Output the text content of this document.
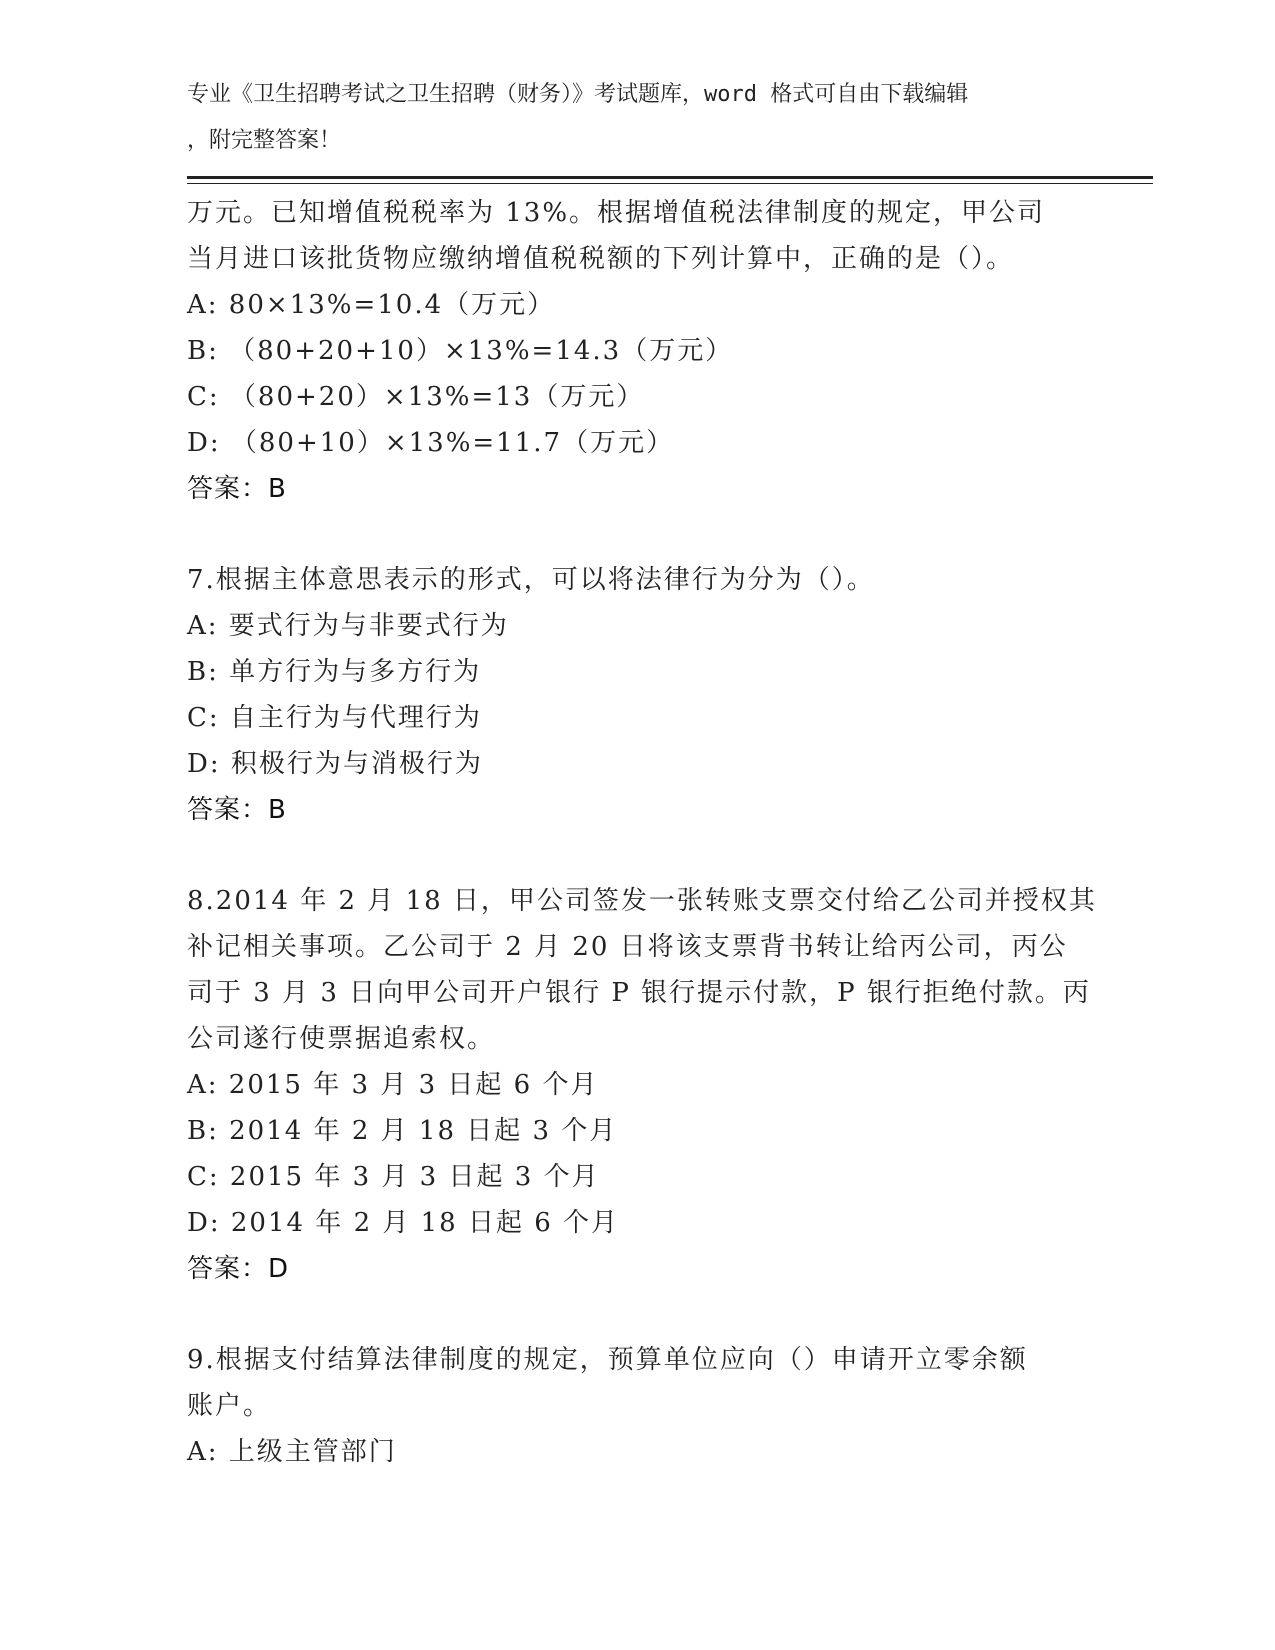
专业《卫生招聘考试之卫生招聘（财务）》考试题库，word 格式可自由下载编辑
，附完整答案！
万元。已知增值税税率为 13%。根据增值税法律制度的规定，甲公司
当月进口该批货物应缴纳增值税税额的下列计算中，正确的是（）。
A: 80×13%=10.4（万元）
B: （80+20+10）×13%=14.3（万元）
C: （80+20）×13%=13（万元）
D: （80+10）×13%=11.7（万元）
答案：B
7.根据主体意思表示的形式，可以将法律行为分为（）。
A: 要式行为与非要式行为
B: 单方行为与多方行为
C: 自主行为与代理行为
D: 积极行为与消极行为
答案：B
8.2014 年 2 月 18 日，甲公司签发一张转账支票交付给乙公司并授权其
补记相关事项。乙公司于 2 月 20 日将该支票背书转让给丙公司，丙公
司于 3 月 3 日向甲公司开户银行 P 银行提示付款，P 银行拒绝付款。丙
公司遂行使票据追索权。
A: 2015 年 3 月 3 日起 6 个月
B: 2014 年 2 月 18 日起 3 个月
C: 2015 年 3 月 3 日起 3 个月
D: 2014 年 2 月 18 日起 6 个月
答案：D
9.根据支付结算法律制度的规定，预算单位应向（）申请开立零余额
账户。
A: 上级主管部门
